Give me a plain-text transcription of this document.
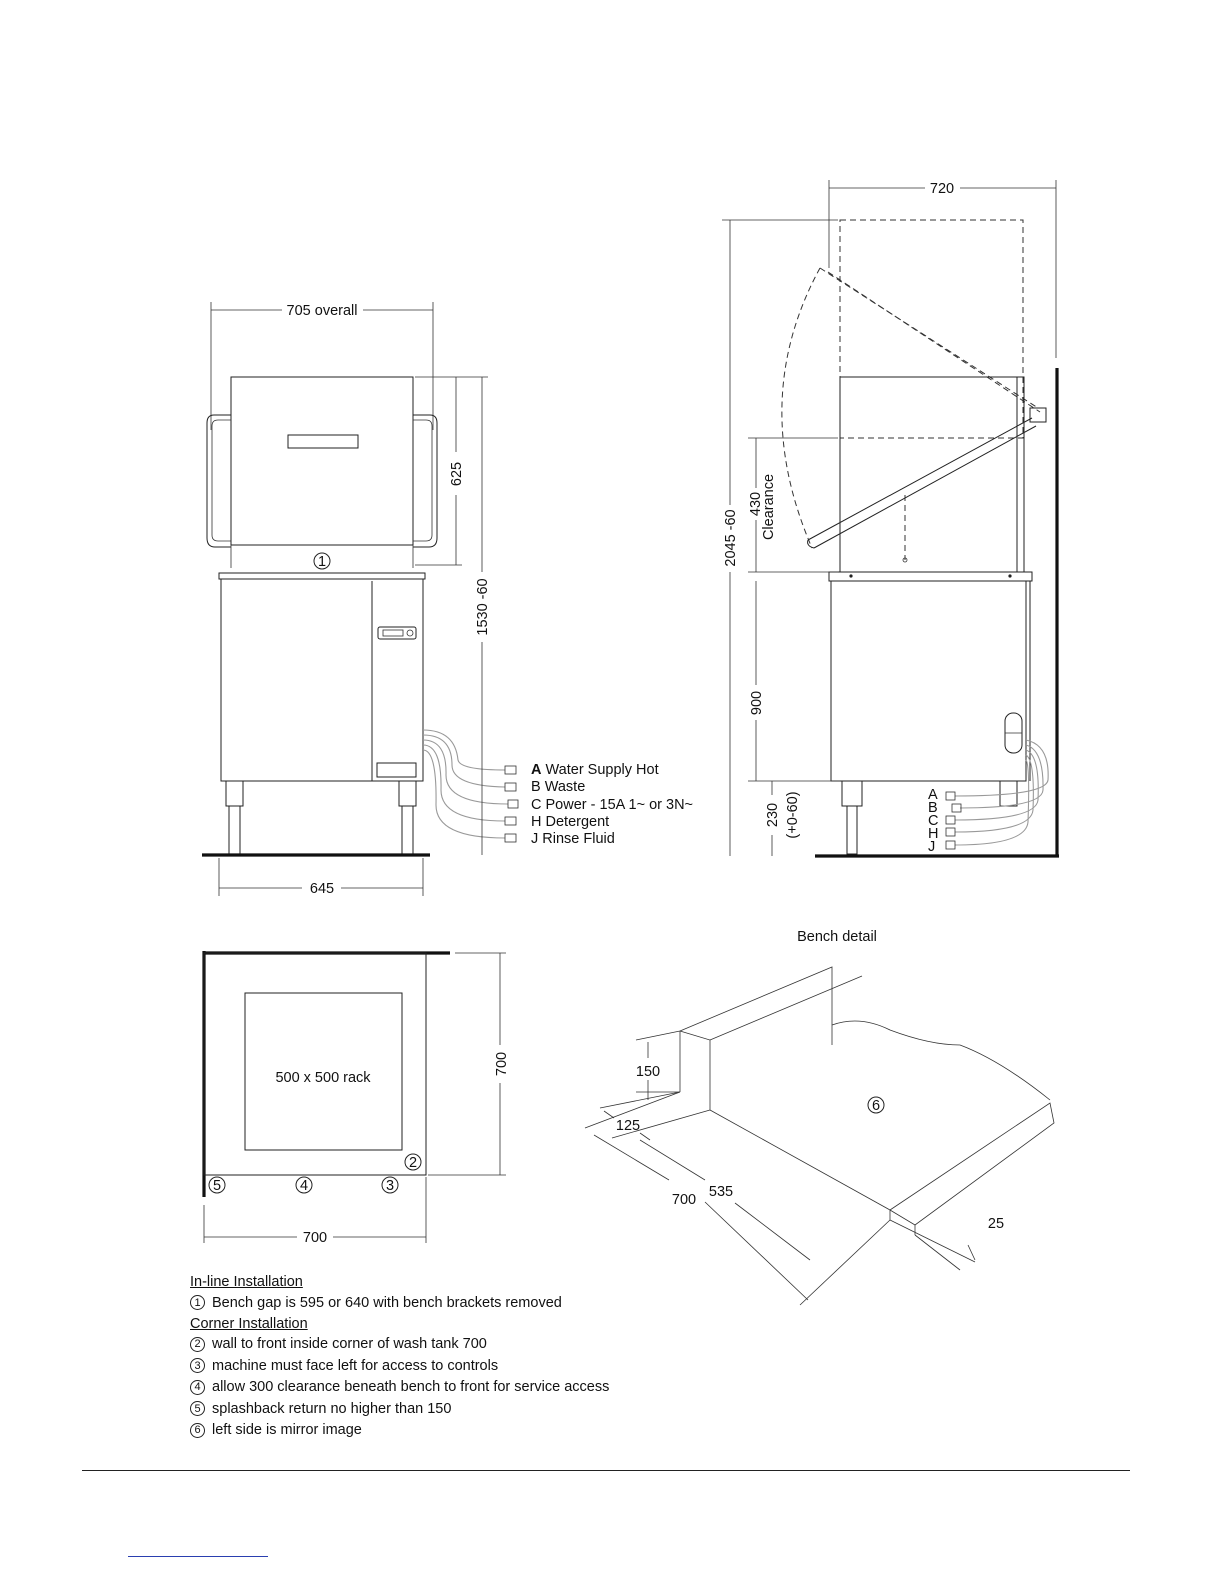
705 overall
1
625
1530 -60
645
A Water Supply Hot
B Waste
C Power - 15A 1~ or 3N~
H Detergent
J Rinse Fluid
720
A
B
C
H
J
2045 -60
430
Clearance
900
230 (+0-60)
500 x 500 rack
2
3
4
5
700
700
Bench detail
6
150
125
700 535
25
In-line Installation
1 Bench gap is 595 or 640 with bench brackets removed
Corner Installation
2 wall to front inside corner of wash tank 700
3 machine must face left for access to controls
4 allow 300 clearance beneath bench to front for service access
5 splashback return no higher than 150
6 left side is mirror image
